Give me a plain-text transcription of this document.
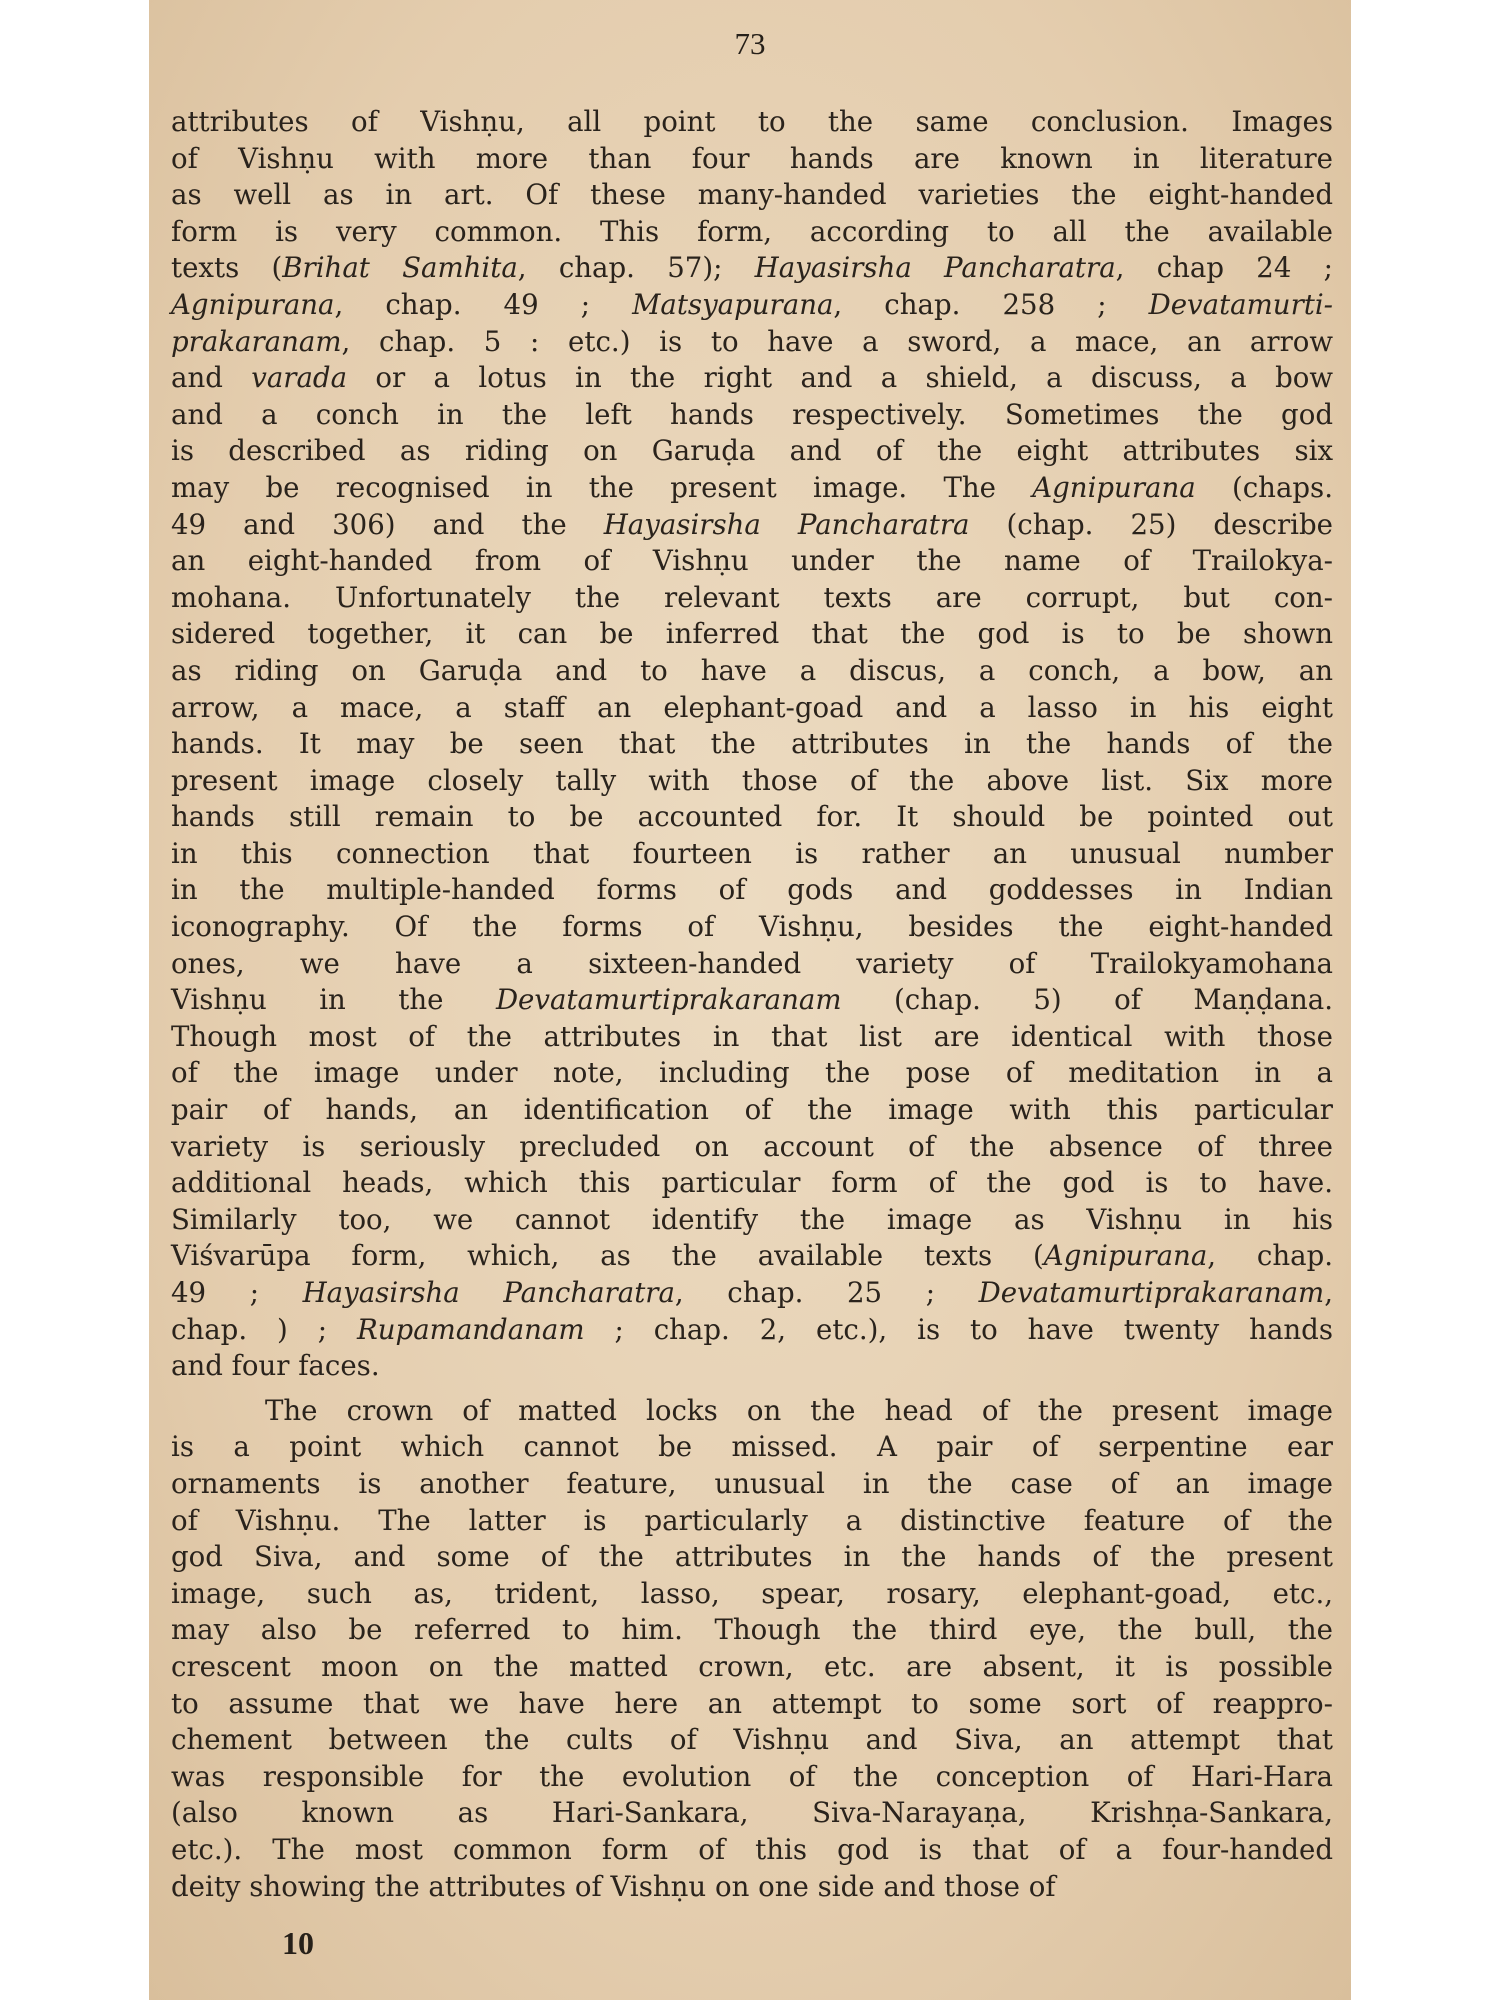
73
attributes of Vishṇu, all point to the same conclusion. Images
of Vishṇu with more than four hands are known in literature
as well as in art. Of these many-handed varieties the eight-handed
form is very common. This form, according to all the available
texts (Brihat Samhita, chap. 57); Hayasirsha Pancharatra, chap 24 ;
Agnipurana, chap. 49 ; Matsyapurana, chap. 258 ; Devatamurti-
prakaranam, chap. 5 : etc.) is to have a sword, a mace, an arrow
and varada or a lotus in the right and a shield, a discuss, a bow
and a conch in the left hands respectively. Sometimes the god
is described as riding on Garuḍa and of the eight attributes six
may be recognised in the present image. The Agnipurana (chaps.
49 and 306) and the Hayasirsha Pancharatra (chap. 25) describe
an eight-handed from of Vishṇu under the name of Trailokya-
mohana. Unfortunately the relevant texts are corrupt, but con-
sidered together, it can be inferred that the god is to be shown
as riding on Garuḍa and to have a discus, a conch, a bow, an
arrow, a mace, a staff an elephant-goad and a lasso in his eight
hands. It may be seen that the attributes in the hands of the
present image closely tally with those of the above list. Six more
hands still remain to be accounted for. It should be pointed out
in this connection that fourteen is rather an unusual number
in the multiple-handed forms of gods and goddesses in Indian
iconography. Of the forms of Vishṇu, besides the eight-handed
ones, we have a sixteen-handed variety of Trailokyamohana
Vishṇu in the Devatamurtiprakaranam (chap. 5) of Maṇḍana.
Though most of the attributes in that list are identical with those
of the image under note, including the pose of meditation in a
pair of hands, an identification of the image with this particular
variety is seriously precluded on account of the absence of three
additional heads, which this particular form of the god is to have.
Similarly too, we cannot identify the image as Vishṇu in his
Viśvarūpa form, which, as the available texts (Agnipurana, chap.
49 ; Hayasirsha Pancharatra, chap. 25 ; Devatamurtiprakaranam,
chap. ) ; Rupamandanam ; chap. 2, etc.), is to have twenty hands
and four faces.
The crown of matted locks on the head of the present image
is a point which cannot be missed. A pair of serpentine ear
ornaments is another feature, unusual in the case of an image
of Vishṇu. The latter is particularly a distinctive feature of the
god Siva, and some of the attributes in the hands of the present
image, such as, trident, lasso, spear, rosary, elephant-goad, etc.,
may also be referred to him. Though the third eye, the bull, the
crescent moon on the matted crown, etc. are absent, it is possible
to assume that we have here an attempt to some sort of reappro-
chement between the cults of Vishṇu and Siva, an attempt that
was responsible for the evolution of the conception of Hari-Hara
(also known as Hari-Sankara, Siva-Narayaṇa, Krishṇa-Sankara,
etc.). The most common form of this god is that of a four-handed
deity showing the attributes of Vishṇu on one side and those of
10
